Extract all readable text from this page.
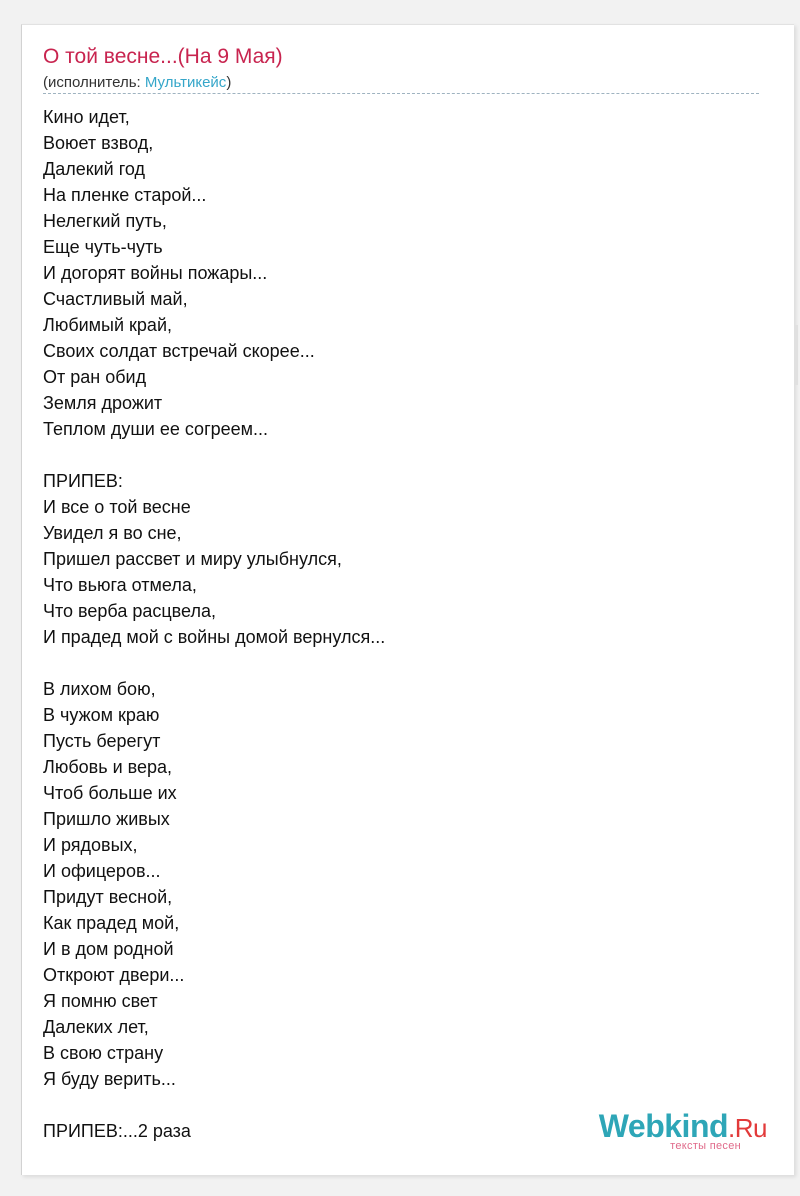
О той весне...(На 9 Мая)
(исполнитель: Мультикейс)
Кино идет,
Воюет взвод,
Далекий год
На пленке старой...
Нелегкий путь,
Еще чуть-чуть
И догорят войны пожары...
Счастливый май,
Любимый край,
Своих солдат встречай скорее...
От ран обид
Земля дрожит
Теплом души ее согреем...
ПРИПЕВ:
И все о той весне
Увидел я во сне,
Пришел рассвет и миру улыбнулся,
Что вьюга отмела,
Что верба расцвела,
И прадед мой с войны домой вернулся...
В лихом бою,
В чужом краю
Пусть берегут
Любовь и вера,
Чтоб больше их
Пришло живых
И рядовых,
И офицеров...
Придут весной,
Как прадед мой,
И в дом родной
Откроют двери...
Я помню свет
Далеких лет,
В свою страну
Я буду верить...
ПРИПЕВ:...2 раза	Webkind.Ru
тексты песен
